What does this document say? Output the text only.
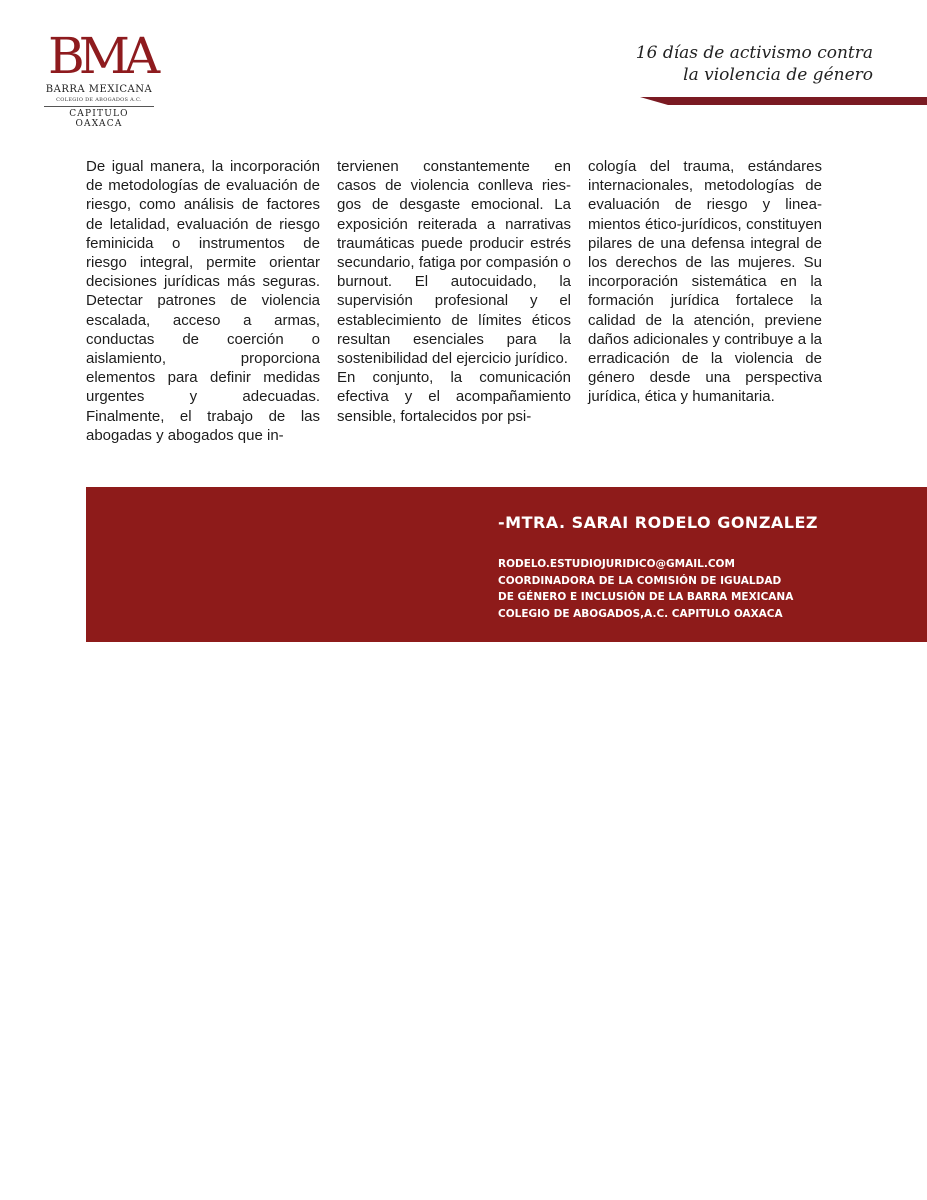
BMA
BARRA MEXICANA
COLEGIO DE ABOGADOS A.C.
CAPITULO OAXACA
16 días de activismo contra
la violencia de género

De igual manera, la incorporación de metodologías de evaluación de riesgo, como análisis de factores de letalidad, evaluación de riesgo feminicida o instrumentos de riesgo integral, permite orientar decisiones jurídicas más seguras. Detectar patrones de violencia escalada, acceso a armas, conductas de coerción o aislamiento, proporciona elementos para definir medidas urgentes y adecuadas. Finalmente, el trabajo de las abogadas y abogados que in-

tervienen constantemente en casos de violencia conlleva riesgos de desgaste emocional. La exposición reiterada a narrativas traumáticas puede producir estrés secundario, fatiga por compasión o burnout. El autocuidado, la supervisión profesional y el establecimiento de límites éticos resultan esenciales para la sostenibilidad del ejercicio jurídico.

En conjunto, la comunicación efectiva y el acompañamiento sensible, fortalecidos por psi-

cología del trauma, estándares internacionales, metodologías de evaluación de riesgo y lineamientos ético-jurídicos, constituyen pilares de una defensa integral de los derechos de las mujeres. Su incorporación sistemática en la formación jurídica fortalece la calidad de la atención, previene daños adicionales y contribuye a la erradicación de la violencia de género desde una perspectiva jurídica, ética y humanitaria.

-MTRA. SARAI RODELO GONZALEZ
RODELO.ESTUDIOJURIDICO@GMAIL.COM
COORDINADORA DE LA COMISIÓN DE IGUALDAD
DE GÉNERO E INCLUSIÓN DE LA BARRA MEXICANA
COLEGIO DE ABOGADOS,A.C. CAPITULO OAXACA
